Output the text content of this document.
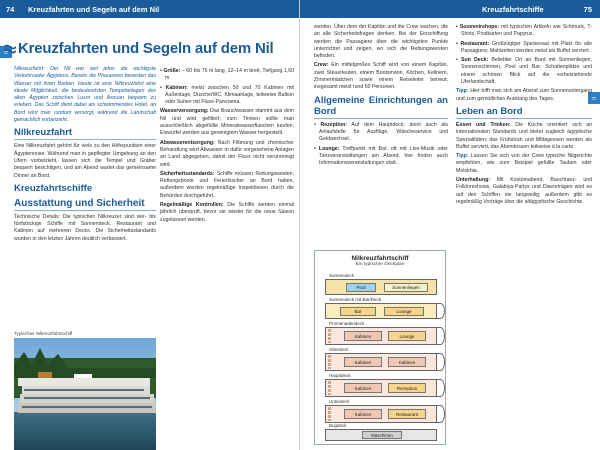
74	Kreuzfahrten und Segeln auf dem Nil
≈ Kreuzfahrten und Segeln auf dem Nil

Nilkreuzfahrt: Der Nil war seit jeher die wichtigste Verkehrsader Ägyptens. Bereits die Pharaonen bereisten das Wasser mit ihren Barken. Heute ist eine Nilkreuzfahrt eine ideale Möglichkeit, die bedeutendsten Tempelanlagen des alten Ägypten zwischen Luxor und Assuan bequem zu erleben. Das Schiff dient dabei als schwimmendes Hotel, an Bord wird man rundum versorgt, während die Landschaft gemächlich vorbeizieht.

Nilkreuzfahrt

Eine Nilkreuzfahrt gehört für viele zu den Höhepunkten einer Ägyptenreise. Während man in gepflegter Umgebung an den Ufern vorbeizieht, lassen sich die Tempel und Gräber bequem besichtigen, und am Abend wartet das gemeinsame Dinner an Bord.

Kreuzfahrtschiffe
Ausstattung und Sicherheit

Technische Details: Die typischen Nilkreuzer sind vier- bis fünfstöckige Schiffe mit Sonnendeck, Restaurant und Kabinen auf mehreren Decks. Die Sicherheitsstandards wurden in den letzten Jahren deutlich verbessert.

Typisches Nilkreuzfahrtschiff

• Größe: – 60 bis 75 m lang, 12–14 m breit, Tiefgang 1,60 m.

• Kabinen: meist zwischen 50 und 70 Kabinen mit Außenlage, Dusche/WC, Klimaanlage, teilweise Balkon oder Suiten mit Fluss-Panorama.

Wasserversorgung: Das Brauchwasser stammt aus dem Nil und wird gefiltert; zum Trinken sollte man ausschließlich abgefüllte Mineralwasserflaschen kaufen, Eiswürfel werden aus gereinigtem Wasser hergestellt.

Abwasserentsorgung: Nach Filterung und chemischer Behandlung wird Abwasser in dafür vorgesehene Anlagen an Land abgegeben, damit der Fluss nicht verunreinigt wird.

Sicherheitsstandards: Schiffe müssen Rettungswesten, Rettungsboote und Feuerlöscher an Bord haben, außerdem werden regelmäßige Inspektionen durch die Behörden durchgeführt.

Regelmäßige Kontrollen: Die Schiffe werden einmal jährlich überprüft, bevor sie wieder für die neue Saison zugelassen werden.

Kreuzfahrtschiffe	75
≈

werden. Über dem der Kapitän und die Crew wachen, die an alle Sicherheitsfragen denken. Bei der Einschiffung werden die Passagiere über die wichtigsten Punkte unterrichtet und zeigen, wo sich die Rettungswesten befinden.

Crew: Ein mittelgroßes Schiff wird von einem Kapitän, zwei Steuerleuten, einem Bootsmann, Köchen, Kellnern, Zimmermädchen sowie einem Reiseleiter betreut; insgesamt meist rund 60 Personen.

Allgemeine Einrichtungen an Bord

• Rezeption: Auf dem Hauptdeck; dient auch als Anlaufstelle für Ausflüge, Wäscheservice und Geldwechsel.

• Lounge: Treffpunkt mit Bar, oft mit Live-Musik oder Tanzveranstaltungen am Abend; hier finden auch Informationsveranstaltungen statt.

Nilkreuzfahrtschiff
Ein typischer Deckplan
Sonnendeck
Pool	Sonnenliegen
Sonnendeck mit Bar/Deck
Bar	Lounge
Promenadendeck
Kabinen	Lounge
Oberdeck
Kabinen	Kabinen
Hauptdeck
Kabinen	Rezeption
Unterdeck
Kabinen	Restaurant
Bugdeck
Maschinen

• Souvenirshops: mit typischen Artikeln wie Schmuck, T-Shirts, Postkarten und Papyrus.

• Restaurant: Großzügiger Speisesaal mit Platz für alle Passagiere; Mahlzeiten werden meist als Buffet serviert.

• Sun Deck: Beliebter Ort an Bord mit Sonnenliegen, Sonnenschirmen, Pool und Bar; Schattenplätze und einem schönen Blick auf die vorbeiziehende Uferlandschaft.

Tipp: Hier trifft man sich am Abend zum Sonnenuntergang und zum gemütlichen Ausklang des Tages.

Leben an Bord

Essen und Trinken: Die Küche orientiert sich an internationalen Standards und bietet zugleich ägyptische Spezialitäten; das Frühstück und Mittagessen werden als Buffet serviert, das Abendessen teilweise à la carte.

Tipp: Lassen Sie sich von der Crew typische Nilgerichte empfehlen, wie zum Beispiel gefüllte Tauben oder Molokhia.

Unterhaltung: Mit Kostümabend, Bauchtanz- und Folkloreshows, Galabiya-Partys und Diavorträgen wird es auf den Schiffen nie langweilig; außerdem gibt es regelmäßig Vorträge über die altägyptische Geschichte.
